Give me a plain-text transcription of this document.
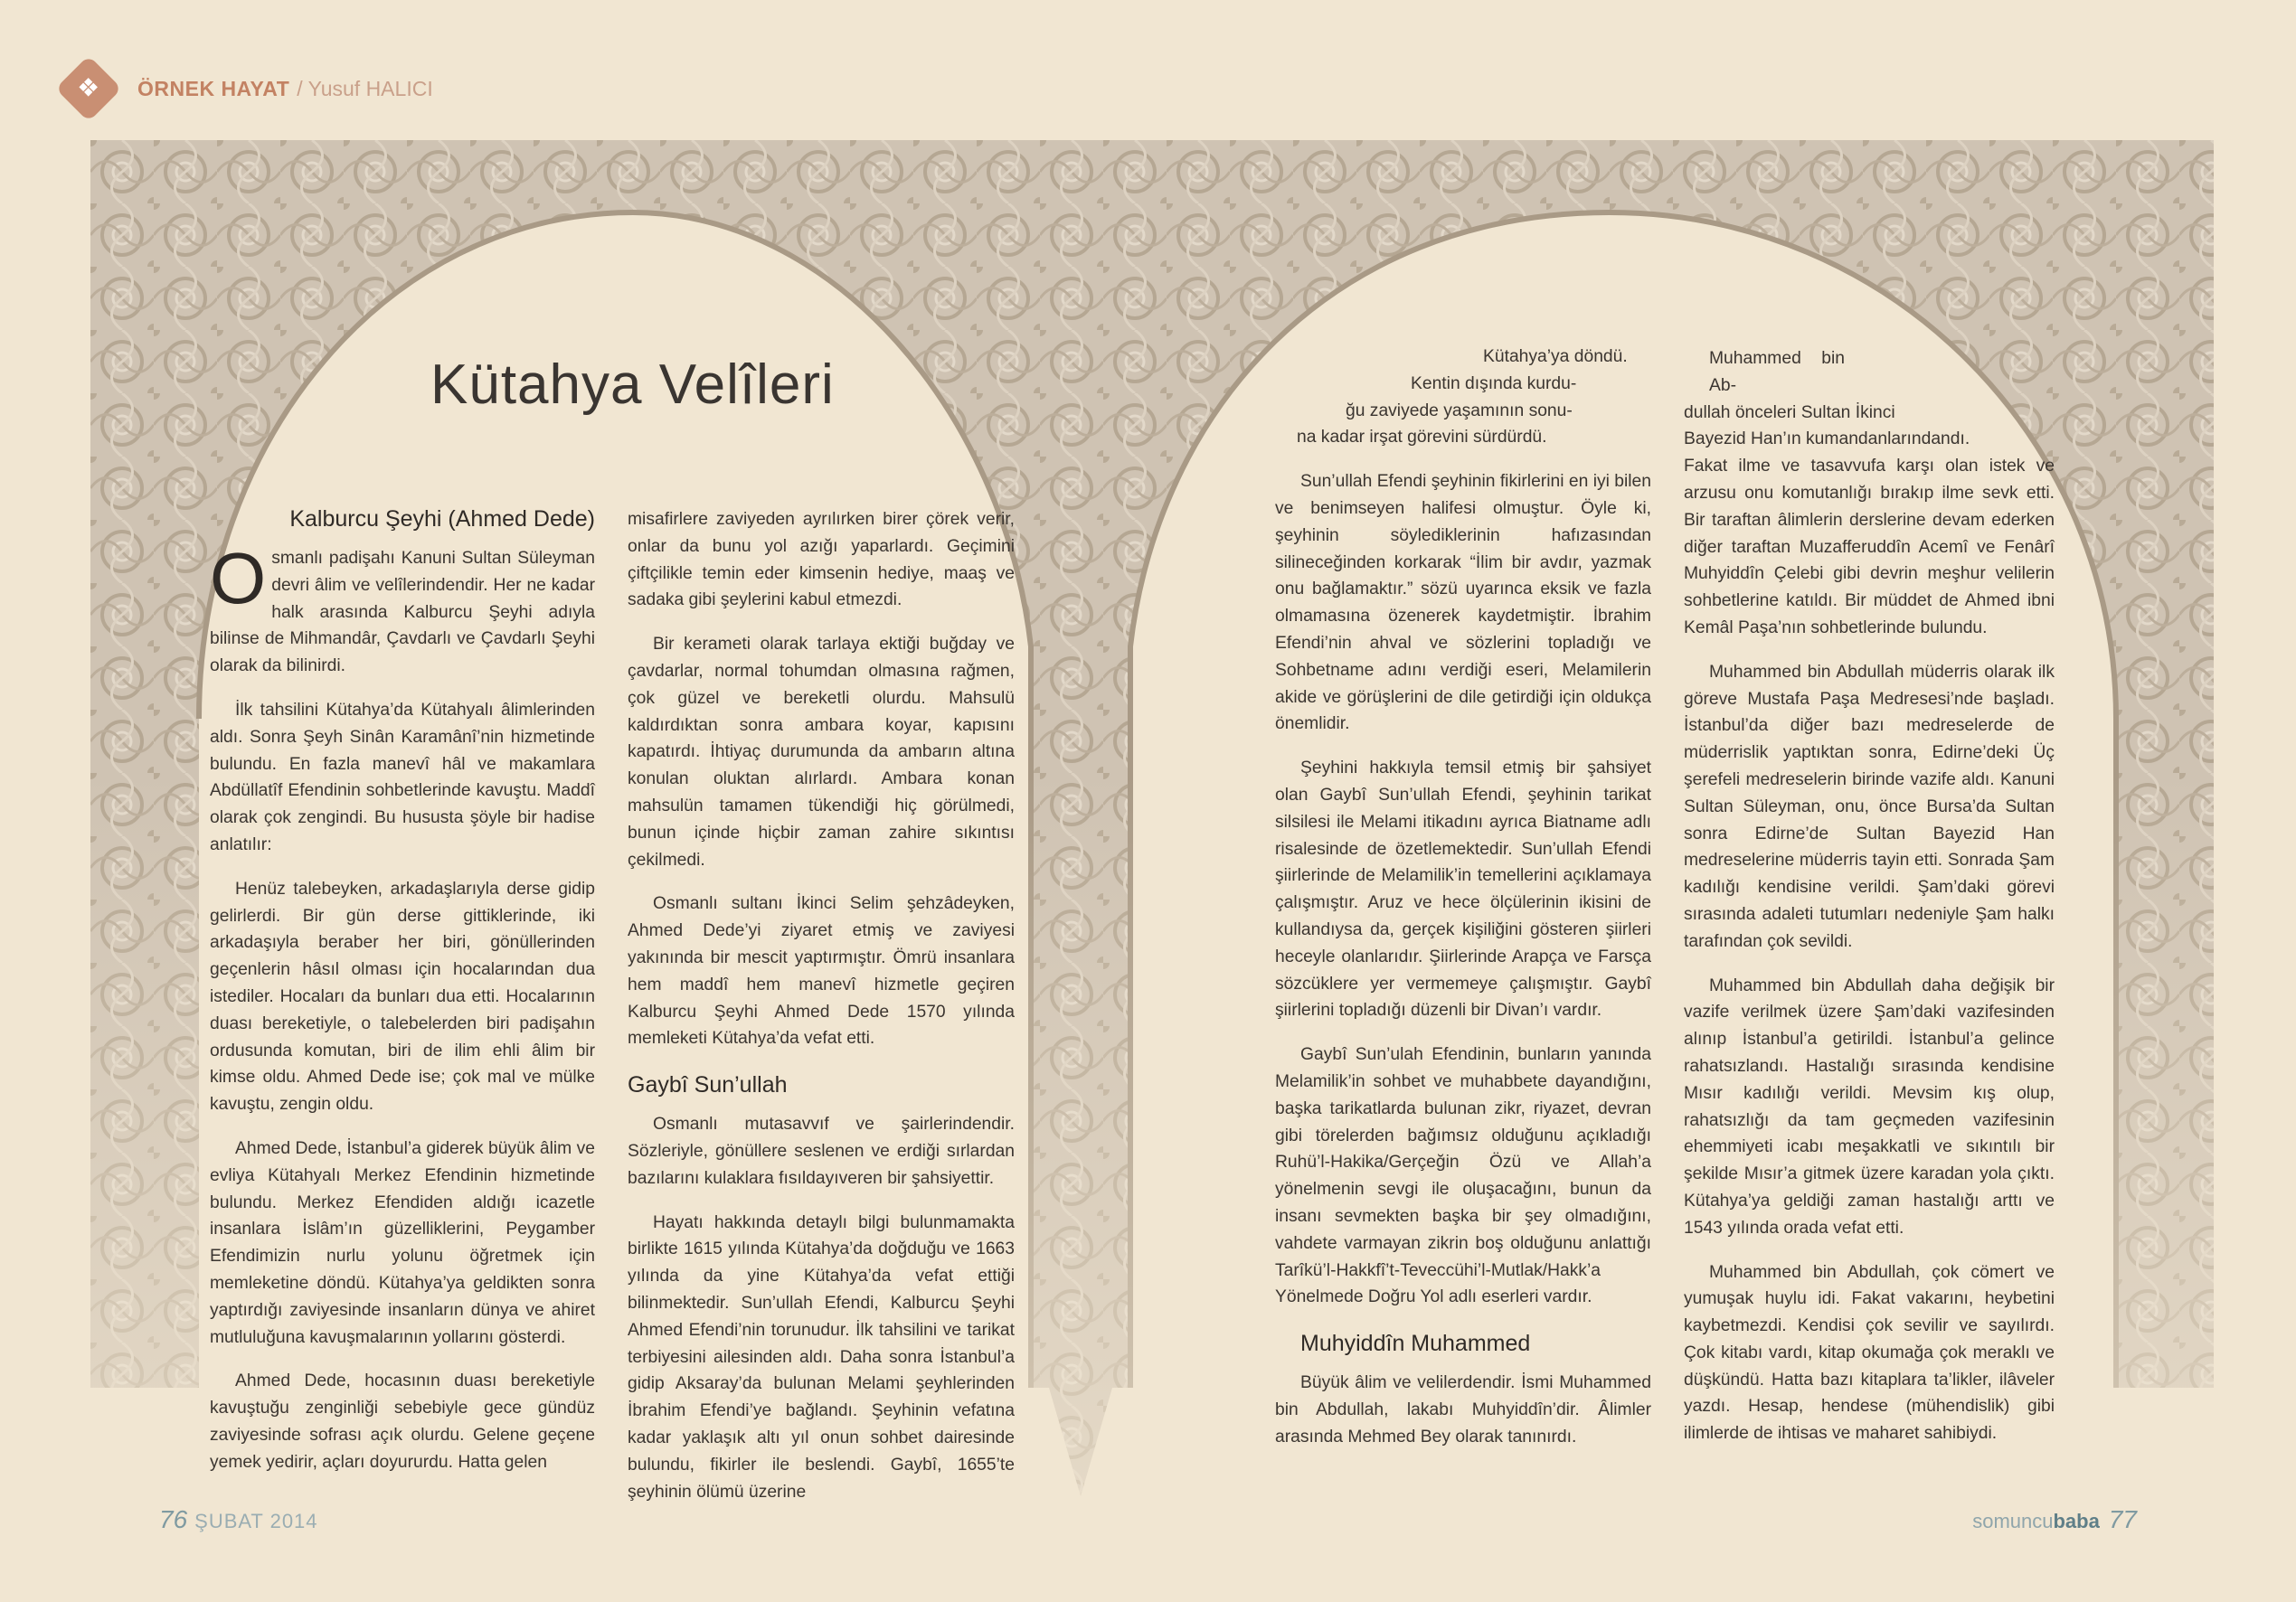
❖ ÖRNEK HAYAT / Yusuf HALICI
Kütahya Velîleri
Kalburcu Şeyhi (Ahmed Dede)

Osmanlı padişahı Kanuni Sultan Süleyman devri âlim ve velîlerindendir. Her ne kadar halk arasında Kalburcu Şeyhi adıyla bilinse de Mihmandâr, Çavdarlı ve Çavdarlı Şeyhi olarak da bilinirdi.

İlk tahsilini Kütahya’da Kütahyalı âlimlerinden aldı. Sonra Şeyh Sinân Karamânî’nin hizmetinde bulundu. En fazla manevî hâl ve makamlara Abdüllatîf Efendinin sohbetlerinde kavuştu. Maddî olarak çok zengindi. Bu hususta şöyle bir hadise anlatılır:

Henüz talebeyken, arkadaşlarıyla derse gidip gelirlerdi. Bir gün derse gittiklerinde, iki arkadaşıyla beraber her biri, gönüllerinden geçenlerin hâsıl olması için hocalarından dua istediler. Hocaları da bunları dua etti. Hocalarının duası bereketiyle, o talebelerden biri padişahın ordusunda komutan, biri de ilim ehli âlim bir kimse oldu. Ahmed Dede ise; çok mal ve mülke kavuştu, zengin oldu.

Ahmed Dede, İstanbul’a giderek büyük âlim ve evliya Kütahyalı Merkez Efendinin hizmetinde bulundu. Merkez Efendiden aldığı icazetle insanlara İslâm’ın güzelliklerini, Peygamber Efendimizin nurlu yolunu öğretmek için memleketine döndü. Kütahya’ya geldikten sonra yaptırdığı zaviyesinde insanların dünya ve ahiret mutluluğuna kavuşmalarının yollarını gösterdi.

Ahmed Dede, hocasının duası bereketiyle kavuştuğu zenginliği sebebiyle gece gündüz zaviyesinde sofrası açık olurdu. Gelene geçene yemek yedirir, açları doyururdu. Hatta gelen

misafirlere zaviyeden ayrılırken birer çörek verir, onlar da bunu yol azığı yaparlardı. Geçimini çiftçilikle temin eder kimsenin hediye, maaş ve sadaka gibi şeylerini kabul etmezdi.

Bir kerameti olarak tarlaya ektiği buğday ve çavdarlar, normal tohumdan olmasına rağmen, çok güzel ve bereketli olurdu. Mahsulü kaldırdıktan sonra ambara koyar, kapısını kapatırdı. İhtiyaç durumunda da ambarın altına konulan oluktan alırlardı. Ambara konan mahsulün tamamen tükendiği hiç görülmedi, bunun içinde hiçbir zaman zahire sıkıntısı çekilmedi.

Osmanlı sultanı İkinci Selim şehzâdeyken, Ahmed Dede’yi ziyaret etmiş ve zaviyesi yakınında bir mescit yaptırmıştır. Ömrü insanlara hem maddî hem manevî hizmetle geçiren Kalburcu Şeyhi Ahmed Dede 1570 yılında memleketi Kütahya’da vefat etti.

Gaybî Sun’ullah

Osmanlı mutasavvıf ve şairlerindendir. Sözleriyle, gönüllere seslenen ve erdiği sırlardan bazılarını kulaklara fısıldayıveren bir şahsiyettir.

Hayatı hakkında detaylı bilgi bulunmamakta birlikte 1615 yılında Kütahya’da doğduğu ve 1663 yılında da yine Kütahya’da vefat ettiği bilinmektedir. Sun’ullah Efendi, Kalburcu Şeyhi Ahmed Efendi’nin torunudur. İlk tahsilini ve tarikat terbiyesini ailesinden aldı. Daha sonra İstanbul’a gidip Aksaray’da bulunan Melami şeyhlerinden İbrahim Efendi’ye bağlandı. Şeyhinin vefatına kadar yaklaşık altı yıl onun sohbet dairesinde bulundu, fikirler ile beslendi. Gaybî, 1655’te şeyhinin ölümü üzerine

Kütahya’ya döndü.

Kentin dışında kurdu-

ğu zaviyede yaşamının sonu-

na kadar irşat görevini sürdürdü.

Sun’ullah Efendi şeyhinin fikirlerini en iyi bilen ve benimseyen halifesi olmuştur. Öyle ki, şeyhinin söylediklerinin hafızasından silineceğinden korkarak “İlim bir avdır, yazmak onu bağlamaktır.” sözü uyarınca eksik ve fazla olmamasına özenerek kaydetmiştir. İbrahim Efendi’nin ahval ve sözlerini topladığı ve Sohbetname adını verdiği eseri, Melamilerin akide ve görüşlerini de dile getirdiği için oldukça önemlidir.

Şeyhini hakkıyla temsil etmiş bir şahsiyet olan Gaybî Sun’ullah Efendi, şeyhinin tarikat silsilesi ile Melami itikadını ayrıca Biatname adlı risalesinde de özetlemektedir. Sun’ullah Efendi şiirlerinde de Melamilik’in temellerini açıklamaya çalışmıştır. Aruz ve hece ölçülerinin ikisini de kullandıysa da, gerçek kişiliğini gösteren şiirleri heceyle olanlarıdır. Şiirlerinde Arapça ve Farsça sözcüklere yer vermemeye çalışmıştır. Gaybî şiirlerini topladığı düzenli bir Divan’ı vardır.

Gaybî Sun’ulah Efendinin, bunların yanında Melamilik’in sohbet ve muhabbete dayandığını, başka tarikatlarda bulunan zikr, riyazet, devran gibi törelerden bağımsız olduğunu açıkladığı Ruhü’l-Hakika/Gerçeğin Özü ve Allah’a yönelmenin sevgi ile oluşacağını, bunun da insanı sevmekten başka bir şey olmadığını, vahdete varmayan zikrin boş olduğunu anlattığı Tarîkü’l-Hakkfî’t-Teveccühi’l-Mutlak/Hakk’a Yönelmede Doğru Yol adlı eserleri vardır.

Muhyiddîn Muhammed

Büyük âlim ve velilerdendir. İsmi Muhammed bin Abdullah, lakabı Muhyiddîn’dir. Âlimler arasında Mehmed Bey olarak tanınırdı.

Muhammed bin Ab-
dullah önceleri Sultan İkinci
Bayezid Han’ın kumandanlarındandı.
Fakat ilme ve tasavvufa karşı olan istek ve arzusu onu komutanlığı bırakıp ilme sevk etti. Bir taraftan âlimlerin derslerine devam ederken diğer taraftan Muzafferuddîn Acemî ve Fenârî Muhyiddîn Çelebi gibi devrin meşhur velilerin sohbetlerine katıldı. Bir müddet de Ahmed ibni Kemâl Paşa’nın sohbetlerinde bulundu.

Muhammed bin Abdullah müderris olarak ilk göreve Mustafa Paşa Medresesi’nde başladı. İstanbul’da diğer bazı medreselerde de müderrislik yaptıktan sonra, Edirne’deki Üç şerefeli medreselerin birinde vazife aldı. Kanuni Sultan Süleyman, onu, önce Bursa’da Sultan sonra Edirne’de Sultan Bayezid Han medreselerine müderris tayin etti. Sonrada Şam kadılığı kendisine verildi. Şam’daki görevi sırasında adaleti tutumları nedeniyle Şam halkı tarafından çok sevildi.

Muhammed bin Abdullah daha değişik bir vazife verilmek üzere Şam’daki vazifesinden alınıp İstanbul’a getirildi. İstanbul’a gelince rahatsızlandı. Hastalığı sırasında kendisine Mısır kadılığı verildi. Mevsim kış olup, rahatsızlığı da tam geçmeden vazifesinin ehemmiyeti icabı meşakkatli ve sıkıntılı bir şekilde Mısır’a gitmek üzere karadan yola çıktı. Kütahya’ya geldiği zaman hastalığı arttı ve 1543 yılında orada vefat etti.

Muhammed bin Abdullah, çok cömert ve yumuşak huylu idi. Fakat vakarını, heybetini kaybetmezdi. Kendisi çok sevilir ve sayılırdı. Çok kitabı vardı, kitap okumağa çok meraklı ve düşkündü. Hatta bazı kitaplara ta’likler, ilâveler yazdı. Hesap, hendese (mühendislik) gibi ilimlerde de ihtisas ve maharet sahibiydi.

76 ŞUBAT 2014	somuncu baba 77
